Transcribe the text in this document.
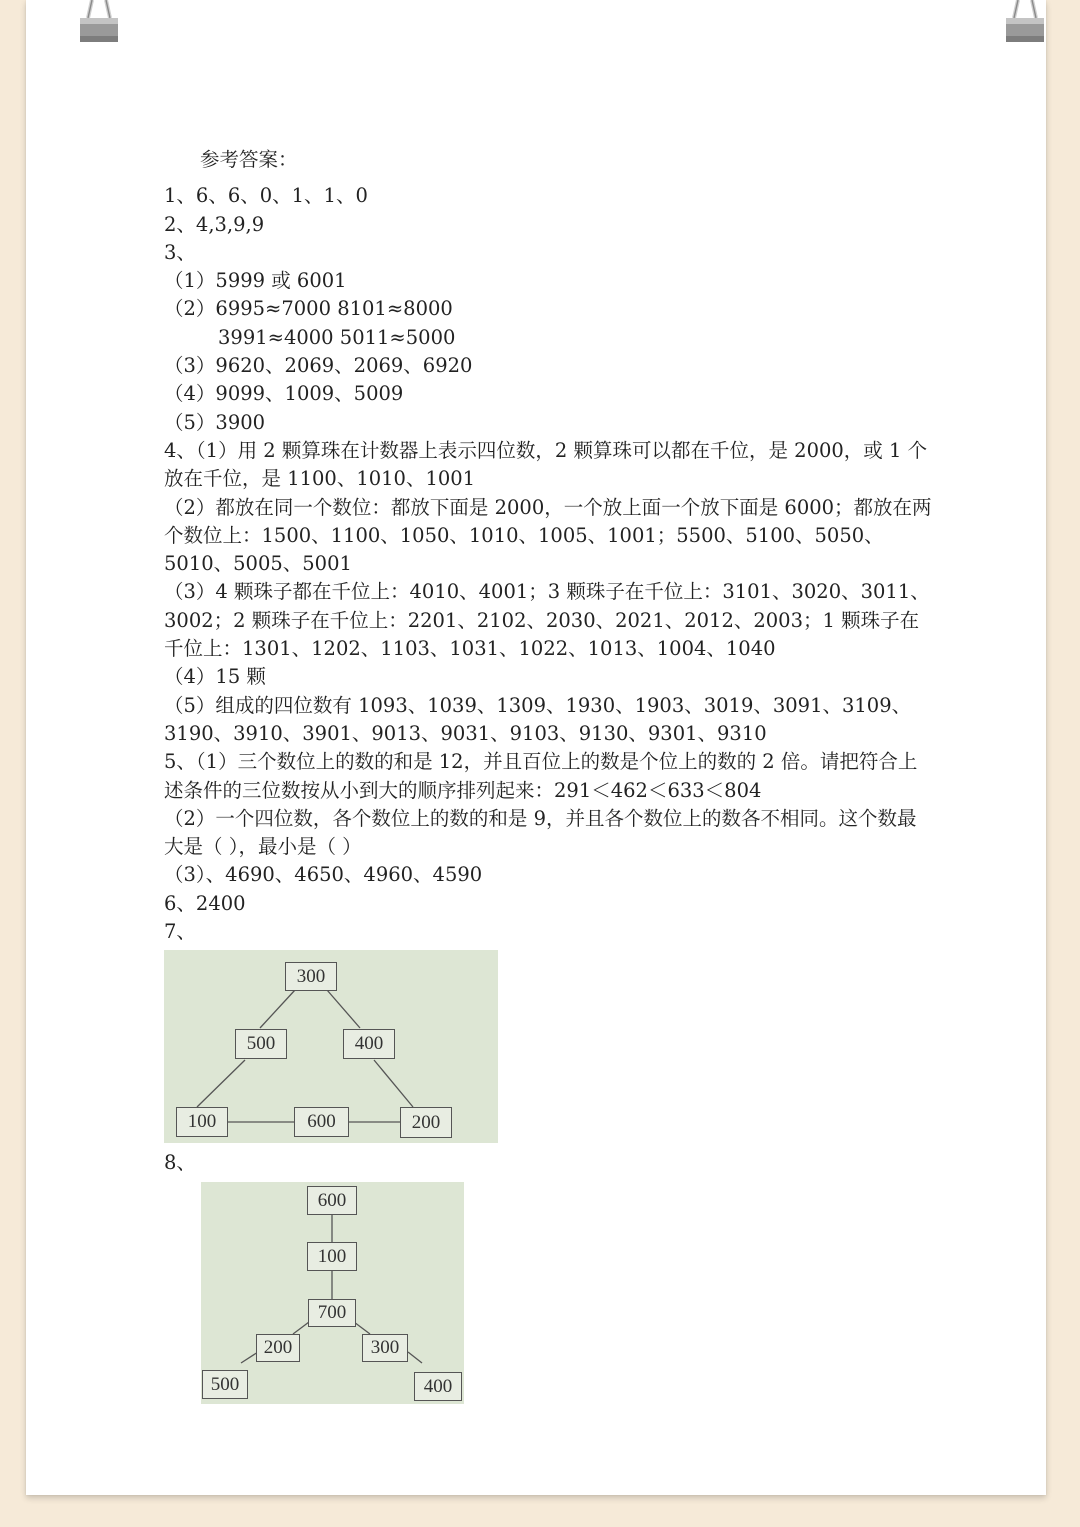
参考答案：

1、6、6、0、1、1、0

2、4,3,9,9

3、

（1）5999 或 6001

（2）6995≈7000 8101≈8000

3991≈4000 5011≈5000

（3）9620、2069、2069、6920

（4）9099、1009、5009

（5）3900

4、（1）用 2 颗算珠在计数器上表示四位数，2 颗算珠可以都在千位，是 2000，或 1 个放在千位，是 1100、1010、1001

（2）都放在同一个数位：都放下面是 2000，一个放上面一个放下面是 6000；都放在两个数位上：1500、1100、1050、1010、1005、1001；5500、5100、5050、5010、5005、5001

（3）4 颗珠子都在千位上：4010、4001；3 颗珠子在千位上：3101、3020、3011、3002；2 颗珠子在千位上：2201、2102、2030、2021、2012、2003；1 颗珠子在千位上：1301、1202、1103、1031、1022、1013、1004、1040

（4）15 颗

（5）组成的四位数有 1093、1039、1309、1930、1903、3019、3091、3109、3190、3910、3901、9013、9031、9103、9130、9301、9310

5、（1）三个数位上的数的和是 12，并且百位上的数是个位上的数的 2 倍。请把符合上述条件的三位数按从小到大的顺序排列起来：291＜462＜633＜804

（2）一个四位数，各个数位上的数的和是 9，并且各个数位上的数各不相同。这个数最大是（ ），最小是（ ）

（3）、4690、4650、4960、4590

6、2400

7、

300
500	400
100	600	200

8、

600
100
700
200	300
500	400
